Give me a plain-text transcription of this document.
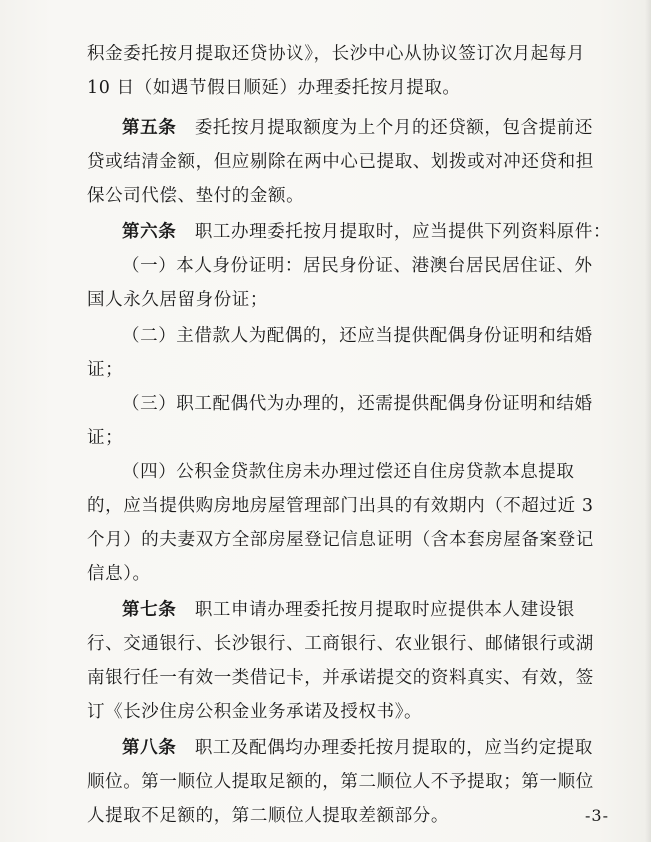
积金委托按月提取还贷协议》，长沙中心从协议签订次月起每月
10 日（如遇节假日顺延）办理委托按月提取。
第五条 委托按月提取额度为上个月的还贷额，包含提前还
贷或结清金额，但应剔除在两中心已提取、划拨或对冲还贷和担
保公司代偿、垫付的金额。
第六条 职工办理委托按月提取时，应当提供下列资料原件：
（一）本人身份证明：居民身份证、港澳台居民居住证、外
国人永久居留身份证；
（二）主借款人为配偶的，还应当提供配偶身份证明和结婚
证；
（三）职工配偶代为办理的，还需提供配偶身份证明和结婚
证；
（四）公积金贷款住房未办理过偿还自住房贷款本息提取
的，应当提供购房地房屋管理部门出具的有效期内（不超过近 3
个月）的夫妻双方全部房屋登记信息证明（含本套房屋备案登记
信息）。
第七条 职工申请办理委托按月提取时应提供本人建设银
行、交通银行、长沙银行、工商银行、农业银行、邮储银行或湖
南银行任一有效一类借记卡，并承诺提交的资料真实、有效，签
订《长沙住房公积金业务承诺及授权书》。
第八条 职工及配偶均办理委托按月提取的，应当约定提取
顺位。第一顺位人提取足额的，第二顺位人不予提取；第一顺位
人提取不足额的，第二顺位人提取差额部分。	-3-
